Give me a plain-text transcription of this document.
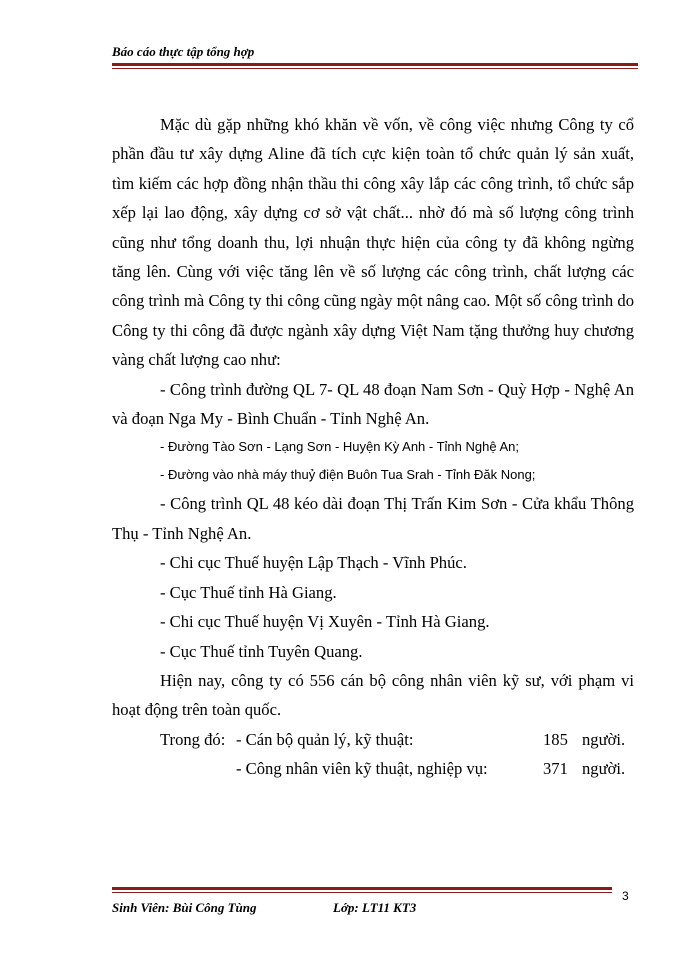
Báo cáo thực tập tổng hợp

Mặc dù gặp những khó khăn về vốn, về công việc nhưng Công ty cổ phần đầu tư xây dựng Aline đã tích cực kiện toàn tổ chức quản lý sản xuất, tìm kiếm các hợp đồng nhận thầu thi công xây lắp các công trình, tổ chức sắp xếp lại lao động, xây dựng cơ sở vật chất... nhờ đó mà số lượng công trình cũng như tổng doanh thu, lợi nhuận thực hiện của công ty đã không ngừng tăng lên. Cùng với việc tăng lên về số lượng các công trình, chất lượng các công trình mà Công ty thi công cũng ngày một nâng cao. Một số công trình do Công ty thi công đã được ngành xây dựng Việt Nam tặng thưởng huy chương vàng chất lượng cao như:

- Công trình đường QL 7- QL 48 đoạn Nam Sơn - Quỳ Hợp - Nghệ An và đoạn Nga My - Bình Chuẩn - Tỉnh Nghệ An.

- Đường Tào Sơn - Lạng Sơn - Huyện Kỳ Anh - Tỉnh Nghệ An;

- Đường vào nhà máy thuỷ điện Buôn Tua Srah - Tỉnh Đăk Nong;

- Công trình QL 48 kéo dài đoạn Thị Trấn Kim Sơn - Cửa khẩu Thông Thụ - Tỉnh Nghệ An.

- Chi cục Thuế huyện Lập Thạch - Vĩnh Phúc.

- Cục Thuế tỉnh Hà Giang.

- Chi cục Thuế huyện Vị Xuyên - Tỉnh Hà Giang.

- Cục Thuế tỉnh Tuyên Quang.

Hiện nay, công ty có 556 cán bộ công nhân viên kỹ sư, với phạm vi hoạt động trên toàn quốc.

Trong đó: - Cán bộ quản lý, kỹ thuật:	185 người.
- Công nhân viên kỹ thuật, nghiệp vụ:	371 người.
3
Sinh Viên: Bùi Công Tùng	Lớp: LT11 KT3
